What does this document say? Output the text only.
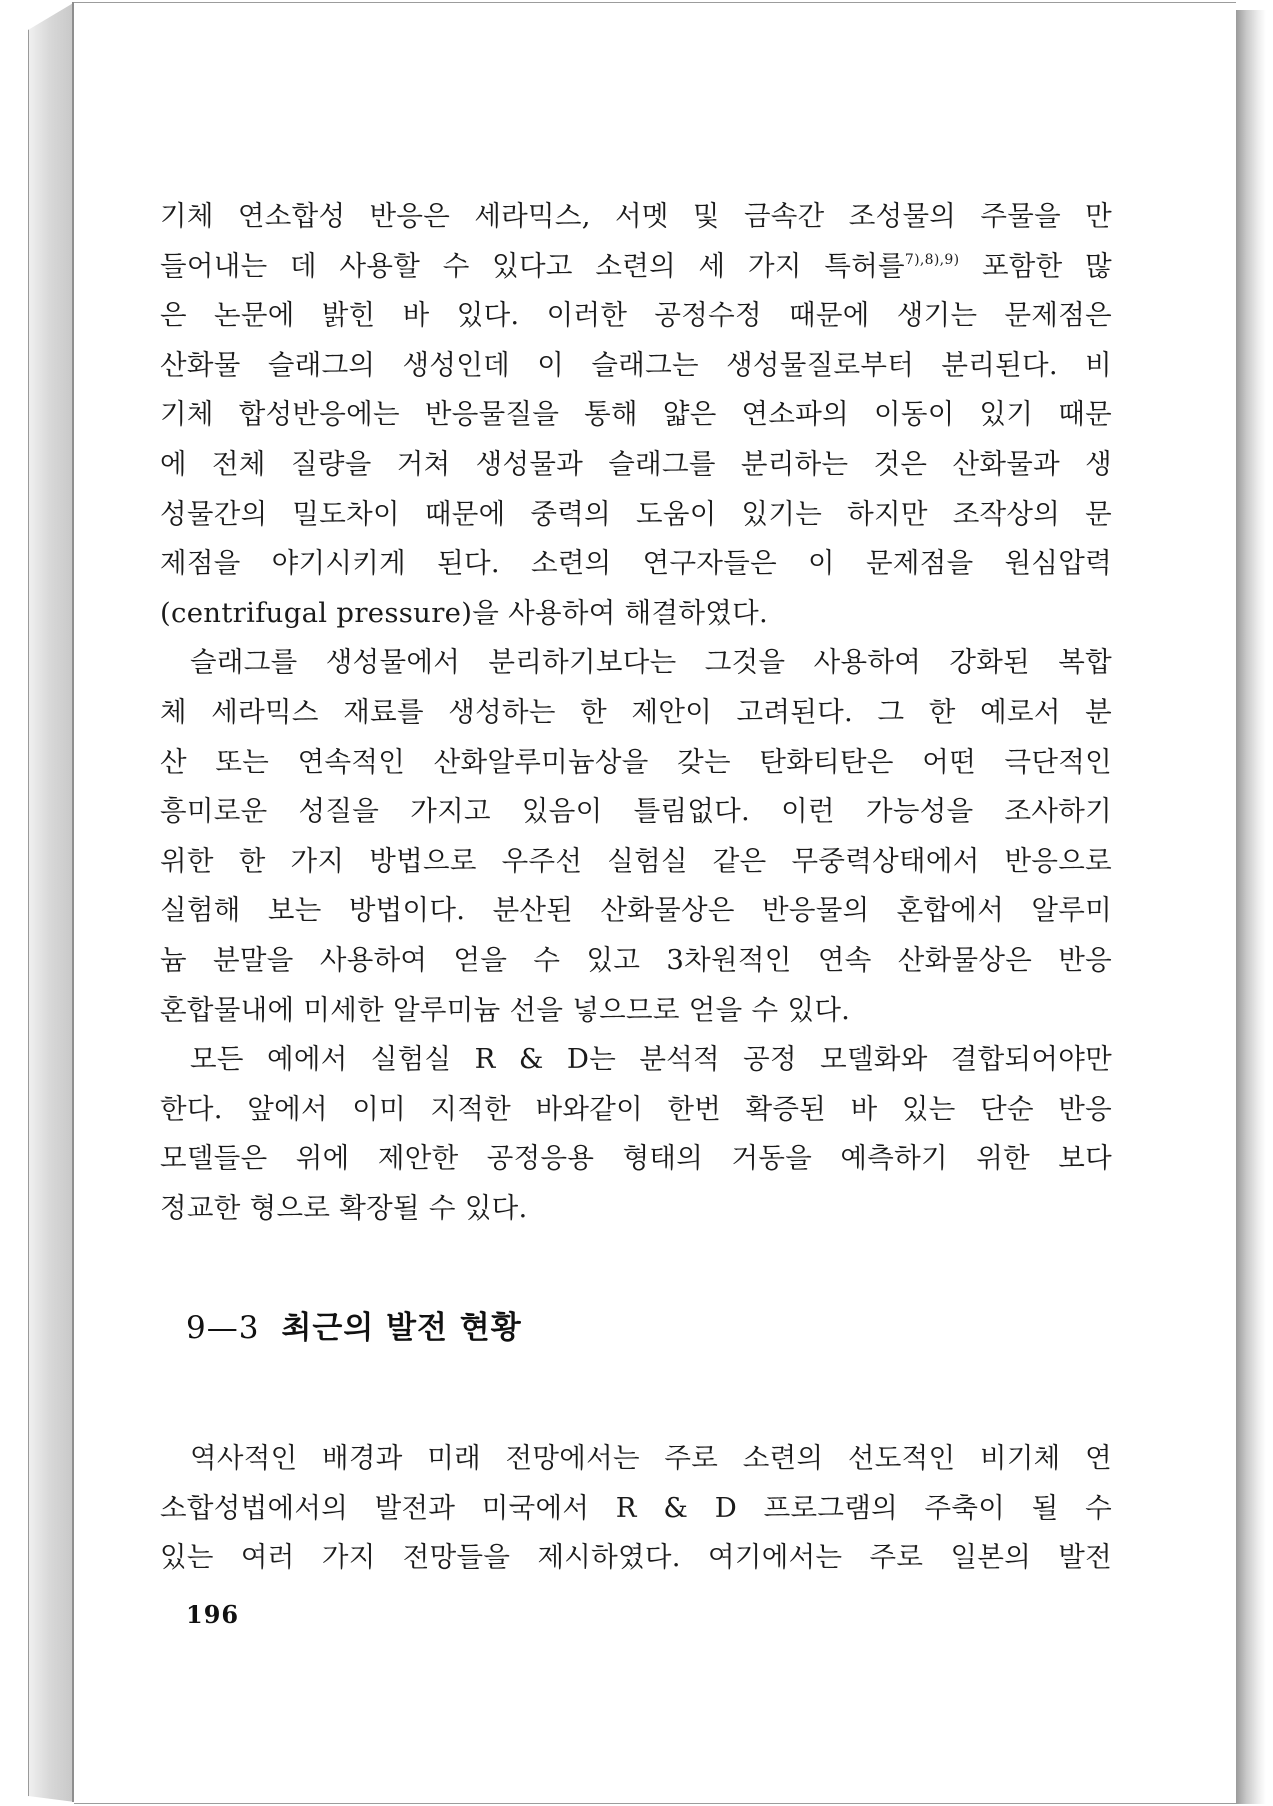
기체 연소합성 반응은 세라믹스, 서멧 및 금속간 조성물의 주물을 만
들어내는 데 사용할 수 있다고 소련의 세 가지 특허를$^{7),8),9)}$ 포함한 많
은 논문에 밝힌 바 있다. 이러한 공정수정 때문에 생기는 문제점은
산화물 슬래그의 생성인데 이 슬래그는 생성물질로부터 분리된다. 비
기체 합성반응에는 반응물질을 통해 얇은 연소파의 이동이 있기 때문
에 전체 질량을 거쳐 생성물과 슬래그를 분리하는 것은 산화물과 생
성물간의 밀도차이 때문에 중력의 도움이 있기는 하지만 조작상의 문
제점을 야기시키게 된다. 소련의 연구자들은 이 문제점을 원심압력
(centrifugal pressure)을 사용하여 해결하였다.
슬래그를 생성물에서 분리하기보다는 그것을 사용하여 강화된 복합
체 세라믹스 재료를 생성하는 한 제안이 고려된다. 그 한 예로서 분
산 또는 연속적인 산화알루미늄상을 갖는 탄화티탄은 어떤 극단적인
흥미로운 성질을 가지고 있음이 틀림없다. 이런 가능성을 조사하기
위한 한 가지 방법으로 우주선 실험실 같은 무중력상태에서 반응으로
실험해 보는 방법이다. 분산된 산화물상은 반응물의 혼합에서 알루미
늄 분말을 사용하여 얻을 수 있고 3차원적인 연속 산화물상은 반응
혼합물내에 미세한 알루미늄 선을 넣으므로 얻을 수 있다.
모든 예에서 실험실 R & D는 분석적 공정 모델화와 결합되어야만
한다. 앞에서 이미 지적한 바와같이 한번 확증된 바 있는 단순 반응
모델들은 위에 제안한 공정응용 형태의 거동을 예측하기 위한 보다
정교한 형으로 확장될 수 있다.
9—3 최근의 발전 현황
역사적인 배경과 미래 전망에서는 주로 소련의 선도적인 비기체 연
소합성법에서의 발전과 미국에서 R & D 프로그램의 주축이 될 수
있는 여러 가지 전망들을 제시하였다. 여기에서는 주로 일본의 발전
196
